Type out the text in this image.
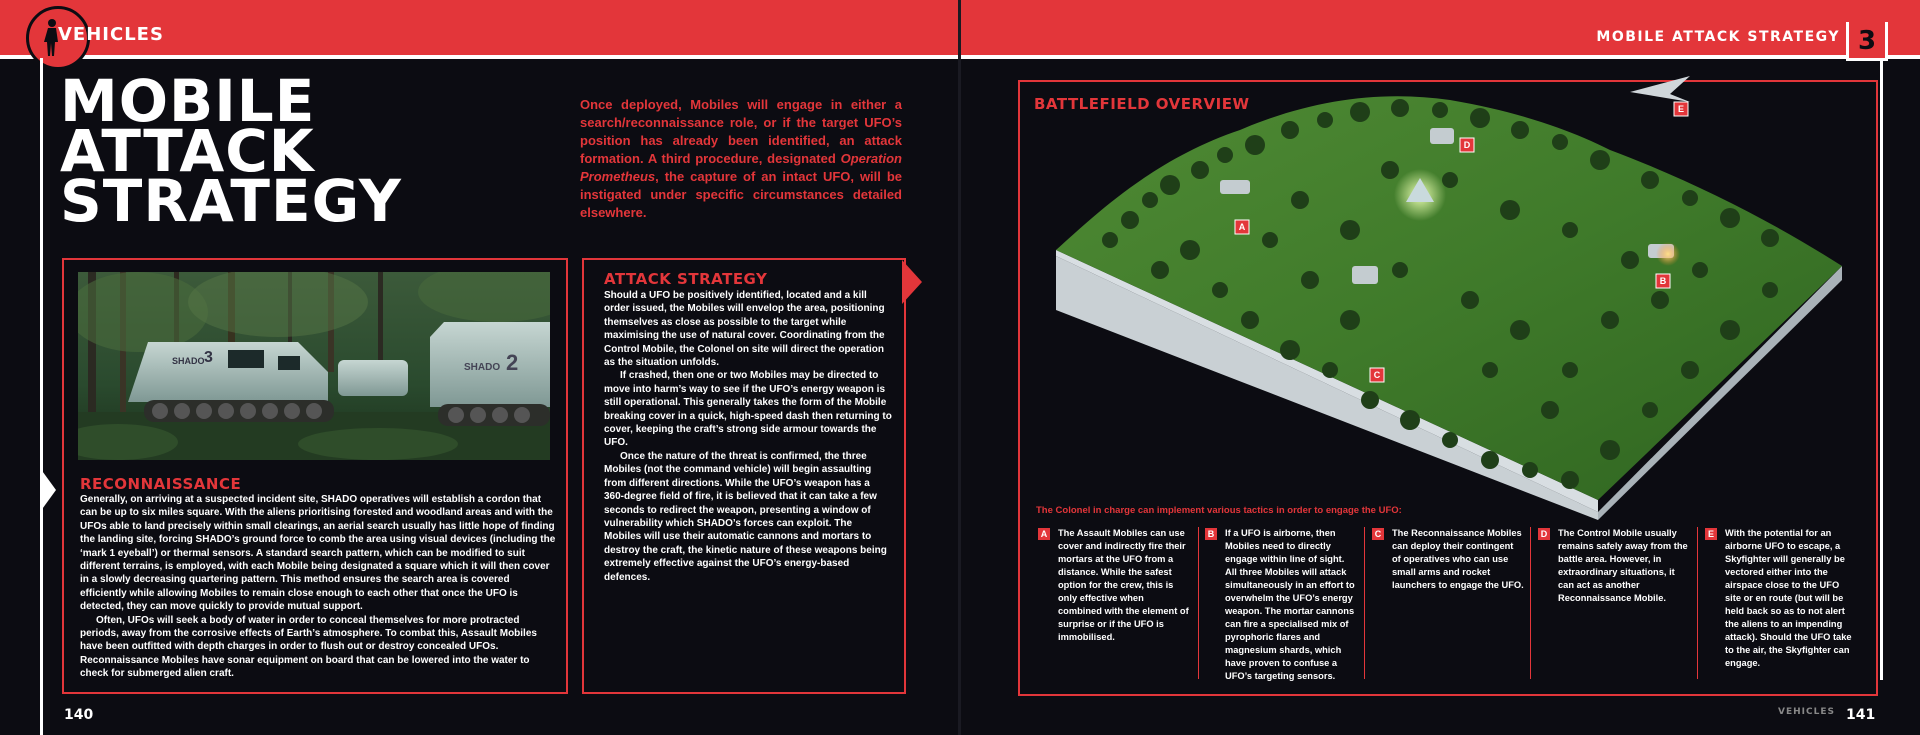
VEHICLES	MOBILE ATTACK STRATEGY 3
MOBILE
ATTACK
STRATEGY
Once deployed, Mobiles will engage in either a search/reconnaissance role, or if the target UFO’s position has already been identified, an attack formation. A third procedure, designated Operation Prometheus, the capture of an intact UFO, will be instigated under specific circumstances detailed elsewhere.
SHADO 3
SHADO 2
RECONNAISSANCE

Generally, on arriving at a suspected incident site, SHADO operatives will establish a cordon that can be up to six miles square. With the aliens prioritising forested and woodland areas and with the UFOs able to land precisely within small clearings, an aerial search usually has little hope of finding the landing site, forcing SHADO’s ground force to comb the area using visual devices (including the ‘mark 1 eyeball’) or thermal sensors. A standard search pattern, which can be modified to suit different terrains, is employed, with each Mobile being designated a square which it will then cover in a slowly decreasing quartering pattern. This method ensures the search area is covered efficiently while allowing Mobiles to remain close enough to each other that once the UFO is detected, they can move quickly to provide mutual support.

Often, UFOs will seek a body of water in order to conceal themselves for more protracted periods, away from the corrosive effects of Earth’s atmosphere. To combat this, Assault Mobiles have been outfitted with depth charges in order to flush out or destroy concealed UFOs. Reconnaissance Mobiles have sonar equipment on board that can be lowered into the water to check for submerged alien craft.

ATTACK STRATEGY

Should a UFO be positively identified, located and a kill order issued, the Mobiles will envelop the area, positioning themselves as close as possible to the target while maximising the use of natural cover. Coordinating from the Control Mobile, the Colonel on site will direct the operation as the situation unfolds.

If crashed, then one or two Mobiles may be directed to move into harm’s way to see if the UFO’s energy weapon is still operational. This generally takes the form of the Mobile breaking cover in a quick, high-speed dash then returning to cover, keeping the craft’s strong side armour towards the UFO.

Once the nature of the threat is confirmed, the three Mobiles (not the command vehicle) will begin assaulting from different directions. While the UFO’s weapon has a 360-degree field of fire, it is believed that it can take a few seconds to redirect the weapon, presenting a window of vulnerability which SHADO’s forces can exploit. The Mobiles will use their automatic cannons and mortars to destroy the craft, the kinetic nature of these weapons being extremely effective against the UFO’s energy-based defences.

BATTLEFIELD OVERVIEW
A
B
C
D
E
The Colonel in charge can implement various tactics in order to engage the UFO:
A The Assault Mobiles can use cover and indirectly fire their mortars at the UFO from a distance. While the safest option for the crew, this is only effective when combined with the element of surprise or if the UFO is immobilised.
B If a UFO is airborne, then Mobiles need to directly engage within line of sight. All three Mobiles will attack simultaneously in an effort to overwhelm the UFO’s energy weapon. The mortar cannons can fire a specialised mix of pyrophoric flares and magnesium shards, which have proven to confuse a UFO’s targeting sensors.
C The Reconnaissance Mobiles can deploy their contingent of operatives who can use small arms and rocket launchers to engage the UFO.
D The Control Mobile usually remains safely away from the battle area. However, in extraordinary situations, it can act as another Reconnaissance Mobile.
E	With the potential for an airborne UFO to escape, a Skyfighter will generally be vectored either into the airspace close to the UFO site or en route (but will be held back so as to not alert the aliens to an impending attack). Should the UFO take to the air, the Skyfighter can engage.
140	VEHICLES 141
